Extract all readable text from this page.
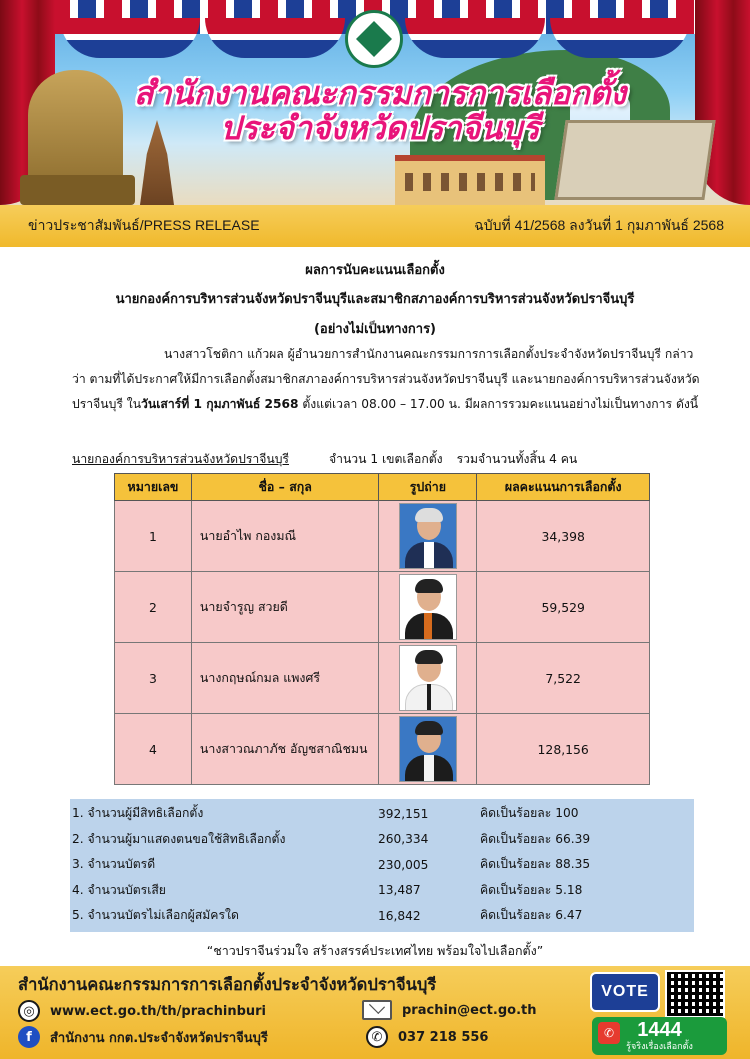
สำนักงานคณะกรรมการการเลือกตั้ง
ประจำจังหวัดปราจีนบุรี
ข่าวประชาสัมพันธ์/PRESS RELEASE	ฉบับที่ 41/2568 ลงวันที่ 1 กุมภาพันธ์ 2568
ผลการนับคะแนนเลือกตั้ง
นายกองค์การบริหารส่วนจังหวัดปราจีนบุรีและสมาชิกสภาองค์การบริหารส่วนจังหวัดปราจีนบุรี
(อย่างไม่เป็นทางการ)
นางสาวโชติกา แก้วผล ผู้อำนวยการสำนักงานคณะกรรมการการเลือกตั้งประจำจังหวัดปราจีนบุรี กล่าวว่า ตามที่ได้ประกาศให้มีการเลือกตั้งสมาชิกสภาองค์การบริหารส่วนจังหวัดปราจีนบุรี และนายกองค์การบริหารส่วนจังหวัดปราจีนบุรี ในวันเสาร์ที่ 1 กุมภาพันธ์ 2568 ตั้งแต่เวลา 08.00 – 17.00 น. มีผลการรวมคะแนนอย่างไม่เป็นทางการ ดังนี้
นายกองค์การบริหารส่วนจังหวัดปราจีนบุรี	จำนวน 1 เขตเลือกตั้ง รวมจำนวนทั้งสิ้น 4 คน
หมายเลข	ชื่อ – สกุล	รูปถ่าย	ผลคะแนนการเลือกตั้ง
1	นายอำไพ กองมณี		34,398
2	นายจำรูญ สวยดี		59,529
3	นางกฤษณ์กมล แพงศรี		7,522
4	นางสาวณภาภัช อัญชสาณิชมน		128,156
1. จำนวนผู้มีสิทธิเลือกตั้ง	392,151	คิดเป็นร้อยละ 100
2. จำนวนผู้มาแสดงตนขอใช้สิทธิเลือกตั้ง	260,334	คิดเป็นร้อยละ 66.39
3. จำนวนบัตรดี	230,005	คิดเป็นร้อยละ 88.35
4. จำนวนบัตรเสีย	13,487	คิดเป็นร้อยละ 5.18
5. จำนวนบัตรไม่เลือกผู้สมัครใด	16,842	คิดเป็นร้อยละ 6.47
“ชาวปราจีนร่วมใจ สร้างสรรค์ประเทศไทย พร้อมใจไปเลือกตั้ง”
สำนักงานคณะกรรมการการเลือกตั้งประจำจังหวัดปราจีนบุรี
◎	www.ect.go.th/th/prachinburi
f	สำนักงาน กกต.ประจำจังหวัดปราจีนบุรี
prachin@ect.go.th
✆	037 218 556
VOTE
✆ 1444
รู้จริงเรื่องเลือกตั้ง
